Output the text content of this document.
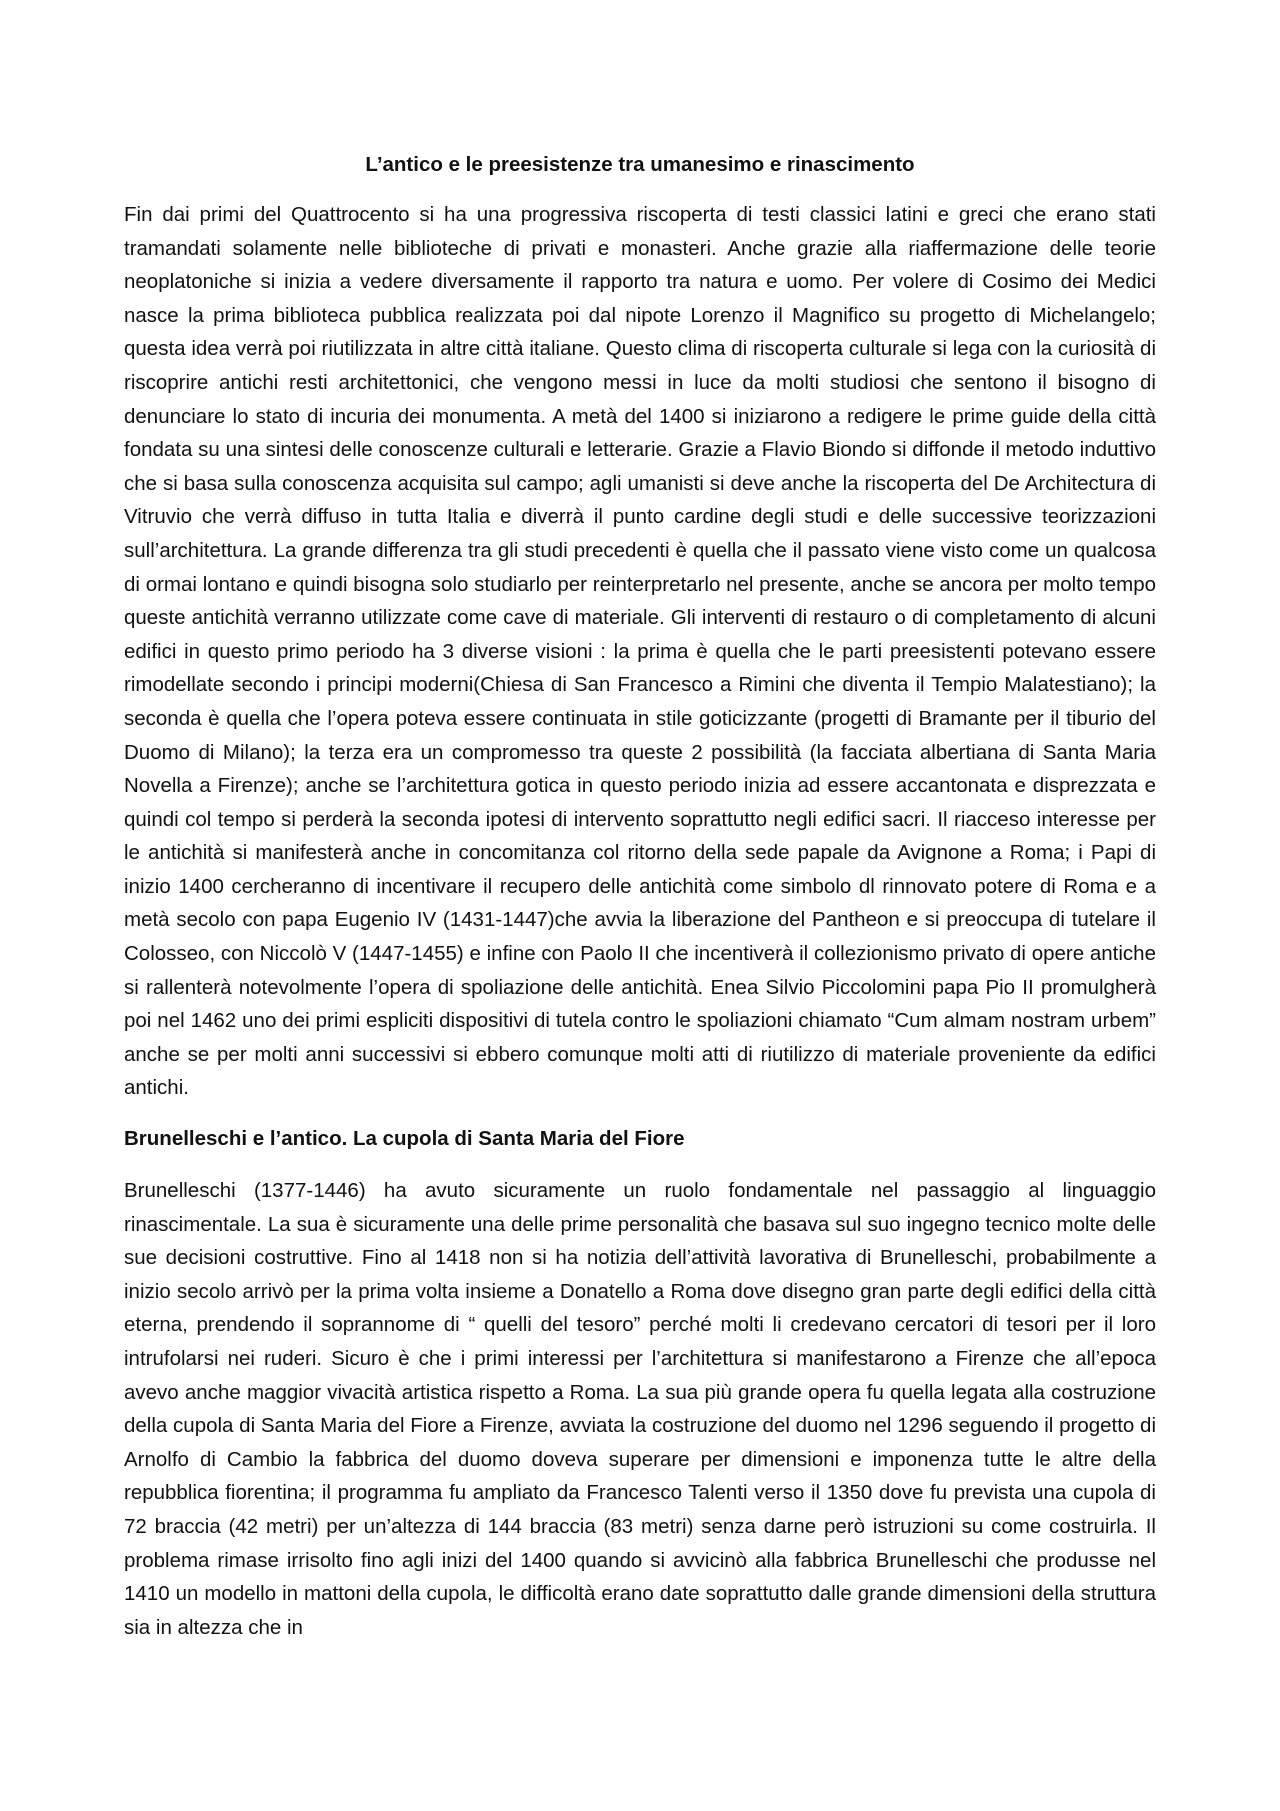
L’antico e le preesistenze tra umanesimo e rinascimento

Fin dai primi del Quattrocento si ha una progressiva riscoperta di testi classici latini e greci che erano stati tramandati solamente nelle biblioteche di privati e monasteri. Anche grazie alla riaffermazione delle teorie neoplatoniche si inizia a vedere diversamente il rapporto tra natura e uomo. Per volere di Cosimo dei Medici nasce la prima biblioteca pubblica realizzata poi dal nipote Lorenzo il Magnifico su progetto di Michelangelo; questa idea verrà poi riutilizzata in altre città italiane. Questo clima di riscoperta culturale si lega con la curiosità di riscoprire antichi resti architettonici, che vengono messi in luce da molti studiosi che sentono il bisogno di denunciare lo stato di incuria dei monumenta. A metà del 1400 si iniziarono a redigere le prime guide della città fondata su una sintesi delle conoscenze culturali e letterarie. Grazie a Flavio Biondo si diffonde il metodo induttivo che si basa sulla conoscenza acquisita sul campo; agli umanisti si deve anche la riscoperta del De Architectura di Vitruvio che verrà diffuso in tutta Italia e diverrà il punto cardine degli studi e delle successive teorizzazioni sull’architettura. La grande differenza tra gli studi precedenti è quella che il passato viene visto come un qualcosa di ormai lontano e quindi bisogna solo studiarlo per reinterpretarlo nel presente, anche se ancora per molto tempo queste antichità verranno utilizzate come cave di materiale. Gli interventi di restauro o di completamento di alcuni edifici in questo primo periodo ha 3 diverse visioni : la prima è quella che le parti preesistenti potevano essere rimodellate secondo i principi moderni(Chiesa di San Francesco a Rimini che diventa il Tempio Malatestiano); la seconda è quella che l’opera poteva essere continuata in stile goticizzante (progetti di Bramante per il tiburio del Duomo di Milano); la terza era un compromesso tra queste 2 possibilità (la facciata albertiana di Santa Maria Novella a Firenze); anche se l’architettura gotica in questo periodo inizia ad essere accantonata e disprezzata e quindi col tempo si perderà la seconda ipotesi di intervento soprattutto negli edifici sacri. Il riacceso interesse per le antichità si manifesterà anche in concomitanza col ritorno della sede papale da Avignone a Roma; i Papi di inizio 1400 cercheranno di incentivare il recupero delle antichità come simbolo dl rinnovato potere di Roma e a metà secolo con papa Eugenio IV (1431-1447)che avvia la liberazione del Pantheon e si preoccupa di tutelare il Colosseo, con Niccolò V (1447-1455) e infine con Paolo II che incentiverà il collezionismo privato di opere antiche si rallenterà notevolmente l’opera di spoliazione delle antichità. Enea Silvio Piccolomini papa Pio II promulgherà poi nel 1462 uno dei primi espliciti dispositivi di tutela contro le spoliazioni chiamato “Cum almam nostram urbem” anche se per molti anni successivi si ebbero comunque molti atti di riutilizzo di materiale proveniente da edifici antichi.

Brunelleschi e l’antico. La cupola di Santa Maria del Fiore

Brunelleschi (1377-1446) ha avuto sicuramente un ruolo fondamentale nel passaggio al linguaggio rinascimentale. La sua è sicuramente una delle prime personalità che basava sul suo ingegno tecnico molte delle sue decisioni costruttive. Fino al 1418 non si ha notizia dell’attività lavorativa di Brunelleschi, probabilmente a inizio secolo arrivò per la prima volta insieme a Donatello a Roma dove disegno gran parte degli edifici della città eterna, prendendo il soprannome di “ quelli del tesoro” perché molti li credevano cercatori di tesori per il loro intrufolarsi nei ruderi. Sicuro è che i primi interessi per l’architettura si manifestarono a Firenze che all’epoca avevo anche maggior vivacità artistica rispetto a Roma. La sua più grande opera fu quella legata alla costruzione della cupola di Santa Maria del Fiore a Firenze, avviata la costruzione del duomo nel 1296 seguendo il progetto di Arnolfo di Cambio la fabbrica del duomo doveva superare per dimensioni e imponenza tutte le altre della repubblica fiorentina; il programma fu ampliato da Francesco Talenti verso il 1350 dove fu prevista una cupola di 72 braccia (42 metri) per un’altezza di 144 braccia (83 metri) senza darne però istruzioni su come costruirla. Il problema rimase irrisolto fino agli inizi del 1400 quando si avvicinò alla fabbrica Brunelleschi che produsse nel 1410 un modello in mattoni della cupola, le difficoltà erano date soprattutto dalle grande dimensioni della struttura sia in altezza che in
